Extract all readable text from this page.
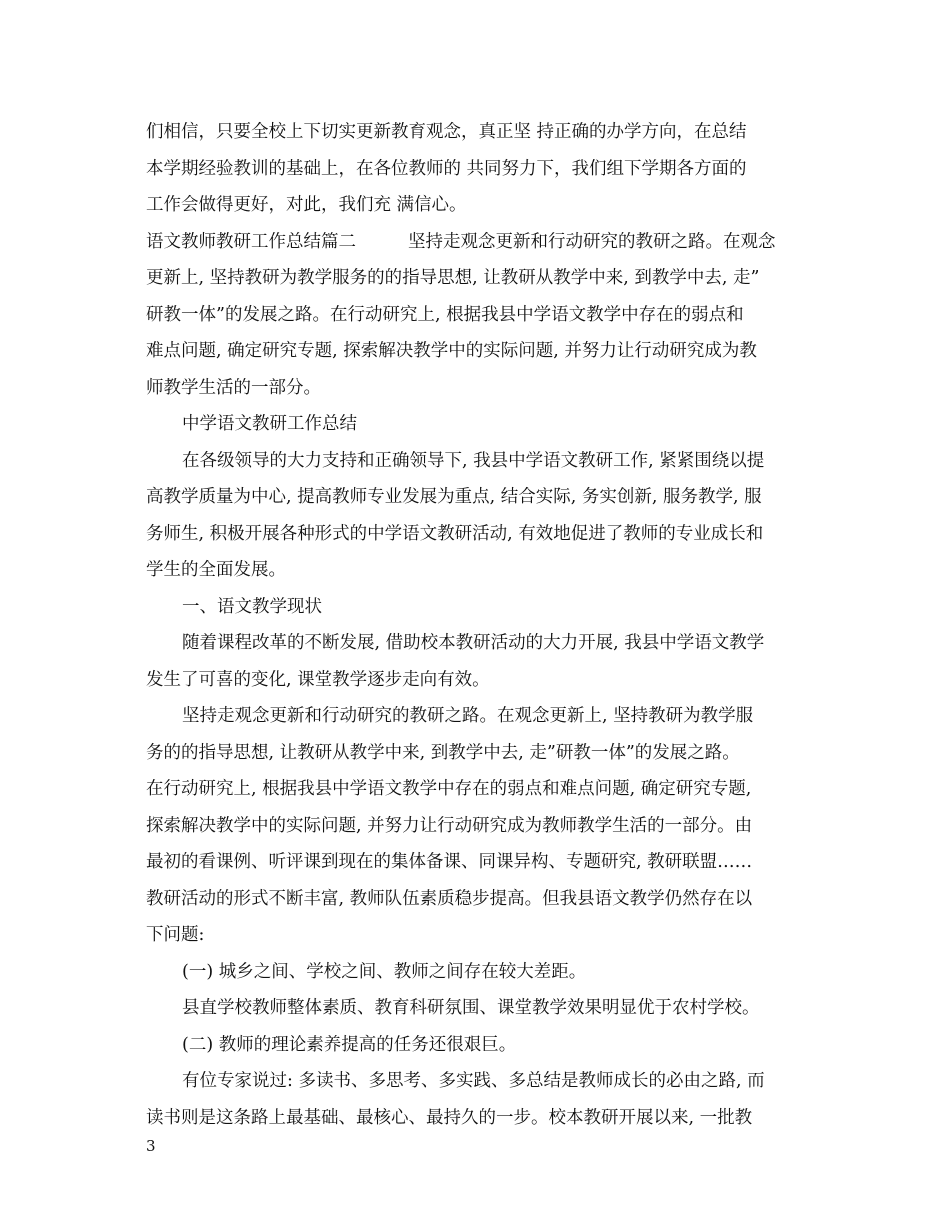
们相信，只要全校上下切实更新教育观念，真正坚 持正确的办学方向，在总结
本学期经验教训的基础上，在各位教师的 共同努力下，我们组下学期各方面的
工作会做得更好，对此，我们充 满信心。
语文教师教研工作总结篇二	坚持走观念更新和行动研究的教研之路。在观念
更新上, 坚持教研为教学服务的的指导思想, 让教研从教学中来, 到教学中去, 走”
研教一体”的发展之路。在行动研究上, 根据我县中学语文教学中存在的弱点和
难点问题, 确定研究专题, 探索解决教学中的实际问题, 并努力让行动研究成为教
师教学生活的一部分。
中学语文教研工作总结
在各级领导的大力支持和正确领导下, 我县中学语文教研工作, 紧紧围绕以提
高教学质量为中心, 提高教师专业发展为重点, 结合实际, 务实创新, 服务教学, 服
务师生, 积极开展各种形式的中学语文教研活动, 有效地促进了教师的专业成长和
学生的全面发展。
一、语文教学现状
随着课程改革的不断发展, 借助校本教研活动的大力开展, 我县中学语文教学
发生了可喜的变化, 课堂教学逐步走向有效。
坚持走观念更新和行动研究的教研之路。在观念更新上, 坚持教研为教学服
务的的指导思想, 让教研从教学中来, 到教学中去, 走”研教一体”的发展之路。
在行动研究上, 根据我县中学语文教学中存在的弱点和难点问题, 确定研究专题,
探索解决教学中的实际问题, 并努力让行动研究成为教师教学生活的一部分。由
最初的看课例、听评课到现在的集体备课、同课异构、专题研究, 教研联盟……
教研活动的形式不断丰富, 教师队伍素质稳步提高。但我县语文教学仍然存在以
下问题:
(一) 城乡之间、学校之间、教师之间存在较大差距。
县直学校教师整体素质、教育科研氛围、课堂教学效果明显优于农村学校。
(二) 教师的理论素养提高的任务还很艰巨。
有位专家说过: 多读书、多思考、多实践、多总结是教师成长的必由之路, 而
读书则是这条路上最基础、最核心、最持久的一步。校本教研开展以来, 一批教
3
